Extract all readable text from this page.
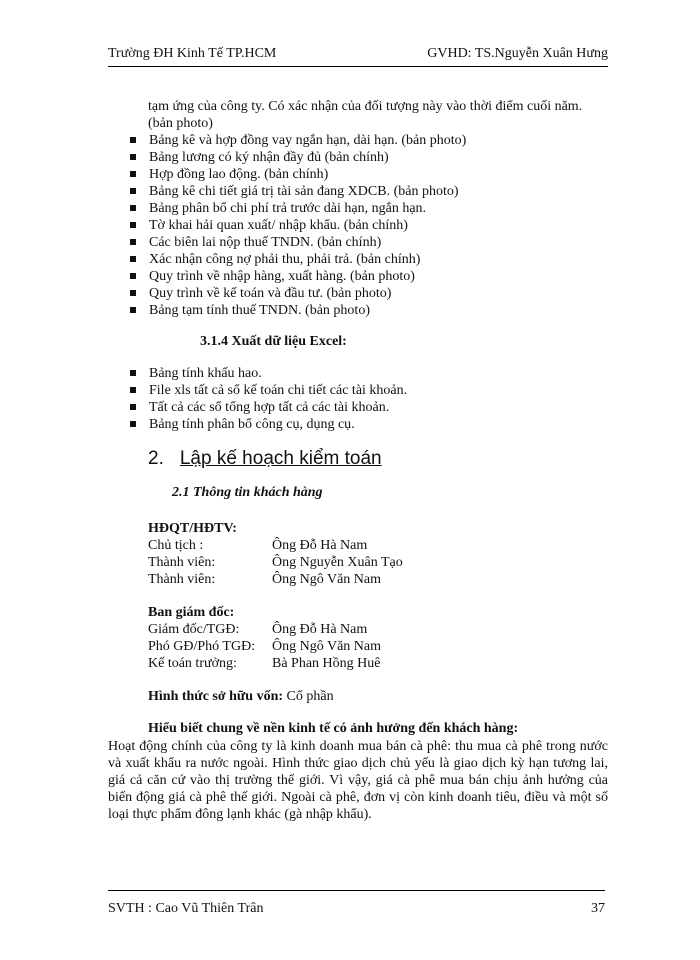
Trường ĐH Kinh Tế TP.HCM	GVHD: TS.Nguyễn Xuân Hưng
tạm ứng của công ty. Có xác nhận của đối tượng này vào thời điểm cuối năm. (bản photo)
Bảng kê và hợp đồng vay ngắn hạn, dài hạn. (bản photo)
Bảng lương có ký nhận đầy đủ (bản chính)
Hợp đồng lao động. (bản chính)
Bảng kê chi tiết giá trị tài sản đang XDCB. (bản photo)
Bảng phân bổ chi phí trả trước dài hạn, ngắn hạn.
Tờ khai hải quan xuất/ nhập khẩu. (bản chính)
Các biên lai nộp thuế TNDN. (bản chính)
Xác nhận công nợ phải thu, phải trả. (bản chính)
Quy trình về nhập hàng, xuất hàng. (bản photo)
Quy trình về kế toán và đầu tư. (bản photo)
Bảng tạm tính thuế TNDN. (bản photo)
3.1.4 Xuất dữ liệu Excel:
Bảng tính khấu hao.
File xls tất cả sổ kế toán chi tiết các tài khoản.
Tất cả các sổ tổng hợp tất cả các tài khoản.
Bảng tính phân bổ công cụ, dụng cụ.
2. Lập kế hoạch kiểm toán
2.1 Thông tin khách hàng
HĐQT/HĐTV:
Chủ tịch :	Ông Đỗ Hà Nam
Thành viên:	Ông Nguyễn Xuân Tạo
Thành viên:	Ông Ngô Văn Nam
Ban giám đốc:
Giám đốc/TGĐ: Ông Đỗ Hà Nam
Phó GĐ/Phó TGĐ: Ông Ngô Văn Nam
Kế toán trưởng:	Bà Phan Hồng Huê
Hình thức sở hữu vốn: Cổ phần
Hiểu biết chung về nền kinh tế có ảnh hưởng đến khách hàng:
Hoạt động chính của công ty là kinh doanh mua bán cà phê: thu mua cà phê trong nước và xuất khẩu ra nước ngoài. Hình thức giao dịch chủ yếu là giao dịch kỳ hạn tương lai, giá cả căn cứ vào thị trường thế giới. Vì vậy, giá cà phê mua bán chịu ảnh hưởng của biến động giá cà phê thế giới. Ngoài cà phê, đơn vị còn kinh doanh tiêu, điều và một số loại thực phẩm đông lạnh khác (gà nhập khẩu).
SVTH : Cao Vũ Thiên Trân	37
